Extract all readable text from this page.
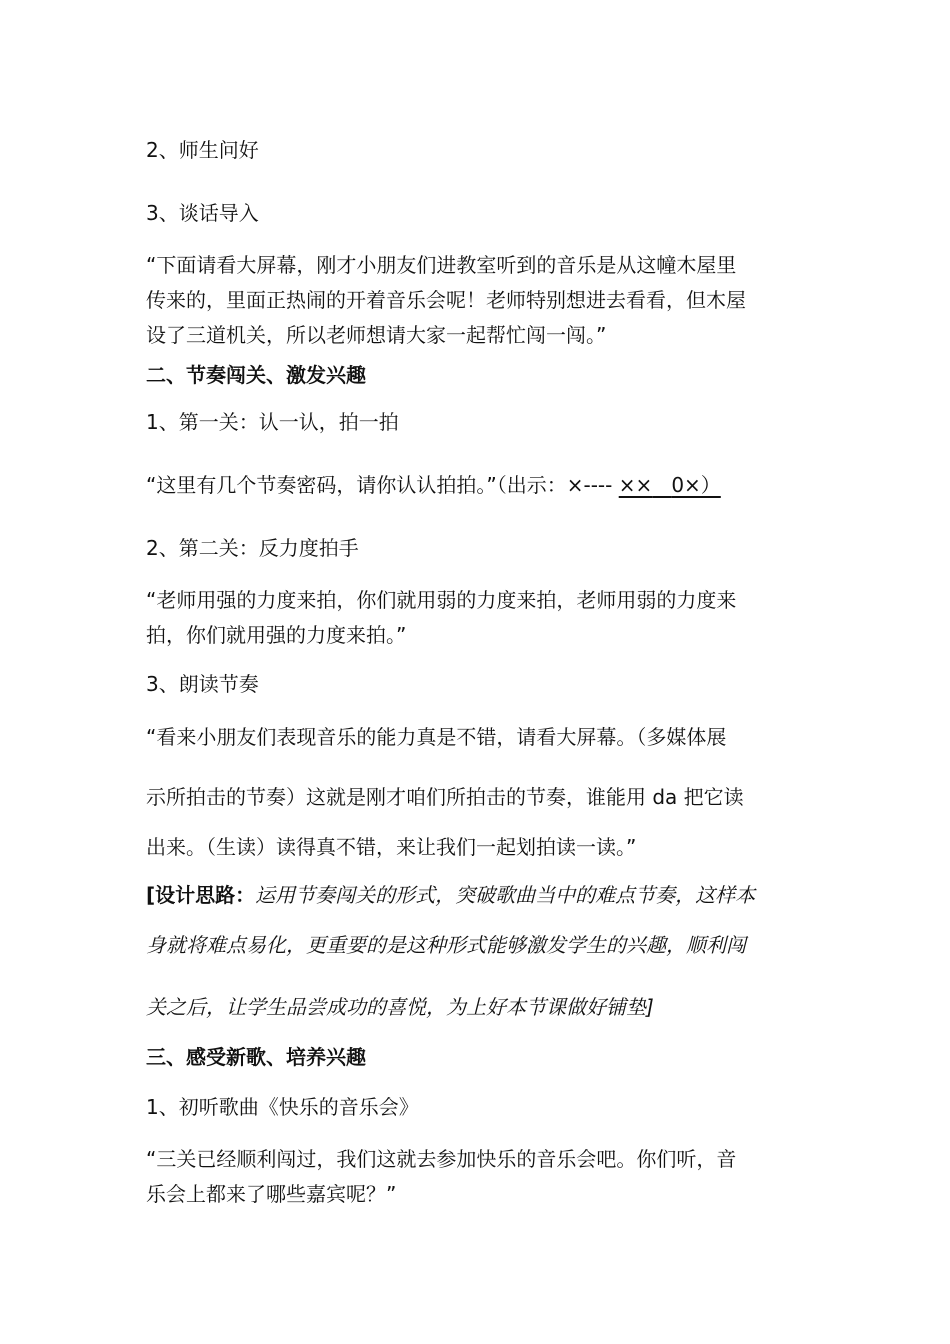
2、师生问好
3、谈话导入
“下面请看大屏幕，刚才小朋友们进教室听到的音乐是从这幢木屋里
传来的，里面正热闹的开着音乐会呢！老师特别想进去看看，但木屋
设了三道机关，所以老师想请大家一起帮忙闯一闯。”
二、节奏闯关、激发兴趣
1、第一关：认一认，拍一拍
“这里有几个节奏密码，请你认认拍拍。”（出示：×---- ×× 0×）
2、第二关：反力度拍手
“老师用强的力度来拍，你们就用弱的力度来拍，老师用弱的力度来
拍，你们就用强的力度来拍。”
3、朗读节奏
“看来小朋友们表现音乐的能力真是不错，请看大屏幕。（多媒体展
示所拍击的节奏）这就是刚才咱们所拍击的节奏，谁能用 da 把它读
出来。（生读）读得真不错，来让我们一起划拍读一读。”
[设计思路：运用节奏闯关的形式，突破歌曲当中的难点节奏，这样本
身就将难点易化，更重要的是这种形式能够激发学生的兴趣，顺利闯
关之后，让学生品尝成功的喜悦，为上好本节课做好铺垫]
三、感受新歌、培养兴趣
1、初听歌曲《快乐的音乐会》
“三关已经顺利闯过，我们这就去参加快乐的音乐会吧。你们听，音
乐会上都来了哪些嘉宾呢？”
